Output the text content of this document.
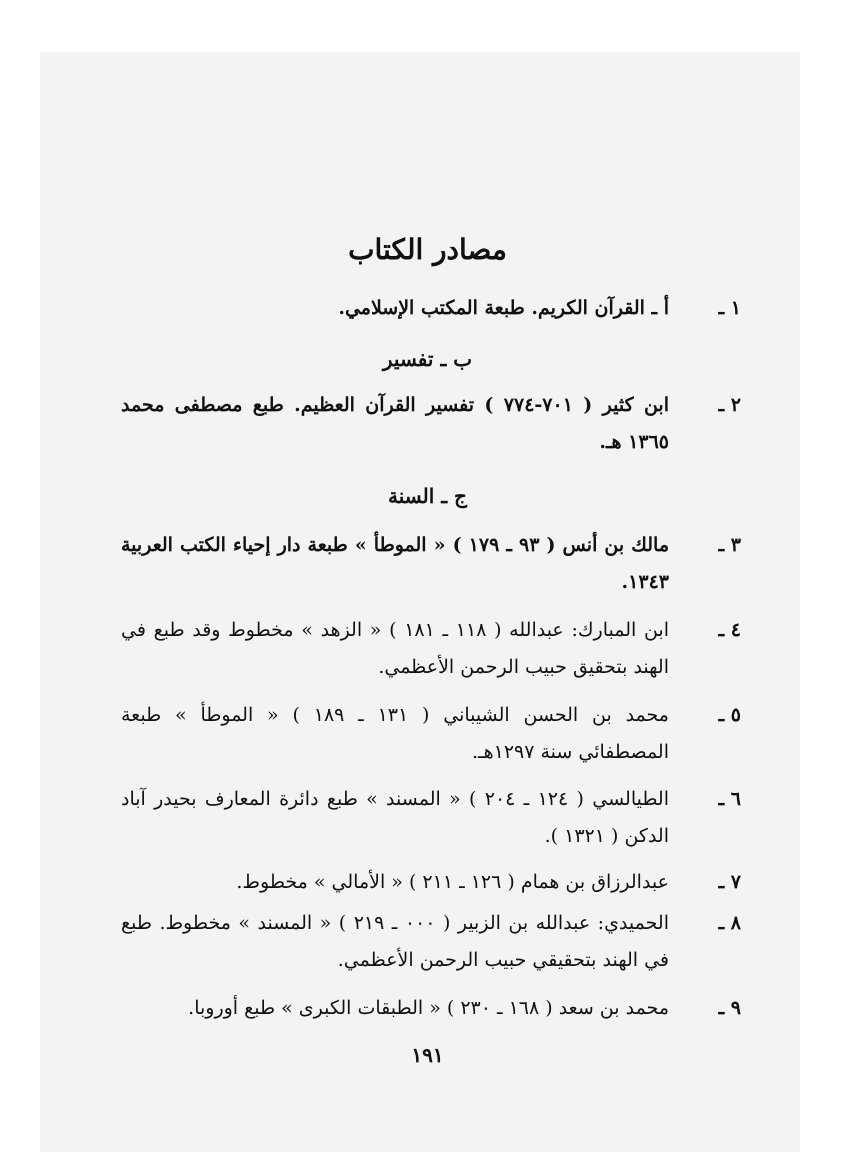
مصادر الكتاب
١ ـ
أ ـ القرآن الكريم. طبعة المكتب الإسلامي.
ب ـ تفسير
٢ ـ
ابن كثير ( ٧٠١-٧٧٤ ) تفسير القرآن العظيم. طبع مصطفى محمد ١٣٦٥ هـ.
ج ـ السنة
٣ ـ
مالك بن أنس ( ٩٣ ـ ١٧٩ ) « الموطأ » طبعة دار إحياء الكتب العربية ١٣٤٣.
٤ ـ
ابن المبارك: عبدالله ( ١١٨ ـ ١٨١ ) « الزهد » مخطوط وقد طبع في الهند بتحقيق حبيب الرحمن الأعظمي.
٥ ـ
محمد بن الحسن الشيباني ( ١٣١ ـ ١٨٩ ) « الموطأ » طبعة المصطفائي سنة ١٢٩٧هـ.
٦ ـ
الطيالسي ( ١٢٤ ـ ٢٠٤ ) « المسند » طبع دائرة المعارف بحيدر آباد الدكن ( ١٣٢١ ).
٧ ـ
عبدالرزاق بن همام ( ١٢٦ ـ ٢١١ ) « الأمالي » مخطوط.
٨ ـ
الحميدي: عبدالله بن الزبير ( ٠٠٠ ـ ٢١٩ ) « المسند » مخطوط. طبع في الهند بتحقيقي حبيب الرحمن الأعظمي.
٩ ـ
محمد بن سعد ( ١٦٨ ـ ٢٣٠ ) « الطبقات الكبرى » طبع أوروبا.
١٩١
